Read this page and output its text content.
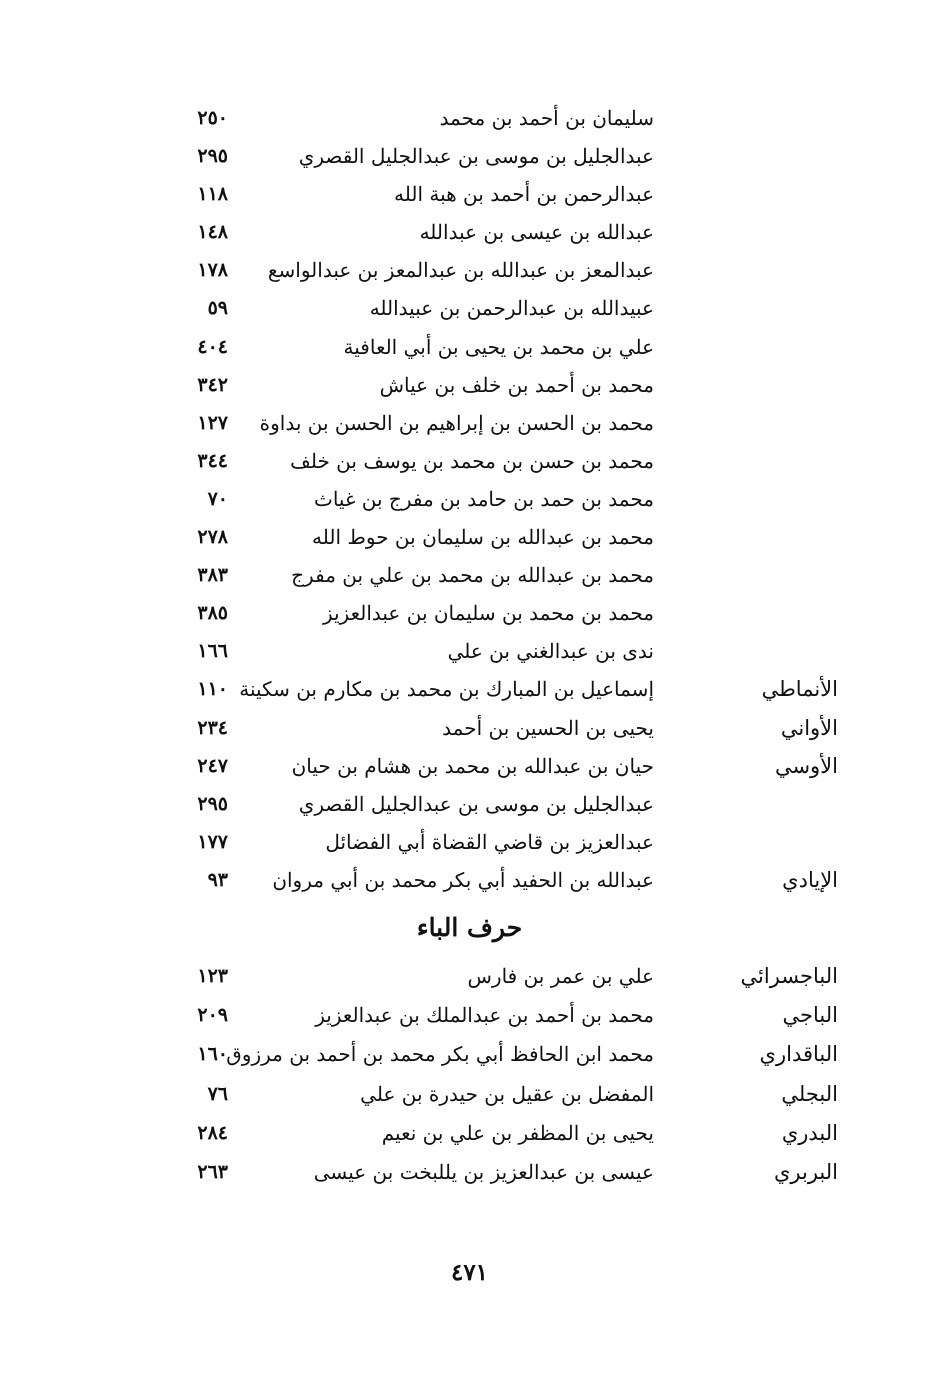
سليمان بن أحمد بن محمد
٢٥٠
عبدالجليل بن موسى بن عبدالجليل القصري
٢٩٥
عبدالرحمن بن أحمد بن هبة الله
١١٨
عبدالله بن عيسى بن عبدالله
١٤٨
عبدالمعز بن عبدالله بن عبدالمعز بن عبدالواسع
١٧٨
عبيدالله بن عبدالرحمن بن عبيدالله
٥٩
علي بن محمد بن يحيى بن أبي العافية
٤٠٤
محمد بن أحمد بن خلف بن عياش
٣٤٢
محمد بن الحسن بن إبراهيم بن الحسن بن بداوة
١٢٧
محمد بن حسن بن محمد بن يوسف بن خلف
٣٤٤
محمد بن حمد بن حامد بن مفرج بن غياث
٧٠
محمد بن عبدالله بن سليمان بن حوط الله
٢٧٨
محمد بن عبدالله بن محمد بن علي بن مفرج
٣٨٣
محمد بن محمد بن سليمان بن عبدالعزيز
٣٨٥
ندى بن عبدالغني بن علي
١٦٦
الأنماطي
إسماعيل بن المبارك بن محمد بن مكارم بن سكينة
١١٠
الأواني
يحيى بن الحسين بن أحمد
٢٣٤
الأوسي
حيان بن عبدالله بن محمد بن هشام بن حيان
٢٤٧
عبدالجليل بن موسى بن عبدالجليل القصري
٢٩٥
عبدالعزيز بن قاضي القضاة أبي الفضائل
١٧٧
الإيادي
عبدالله بن الحفيد أبي بكر محمد بن أبي مروان
٩٣
حرف الباء
الباجسرائي
علي بن عمر بن فارس
١٢٣
الباجي
محمد بن أحمد بن عبدالملك بن عبدالعزيز
٢٠٩
الباقداري
محمد ابن الحافظ أبي بكر محمد بن أحمد بن مرزوق
١٦٠
البجلي
المفضل بن عقيل بن حيدرة بن علي
٧٦
البدري
يحيى بن المظفر بن علي بن نعيم
٢٨٤
البربري
عيسى بن عبدالعزيز بن يللبخت بن عيسى
٢٦٣
٤٧١
